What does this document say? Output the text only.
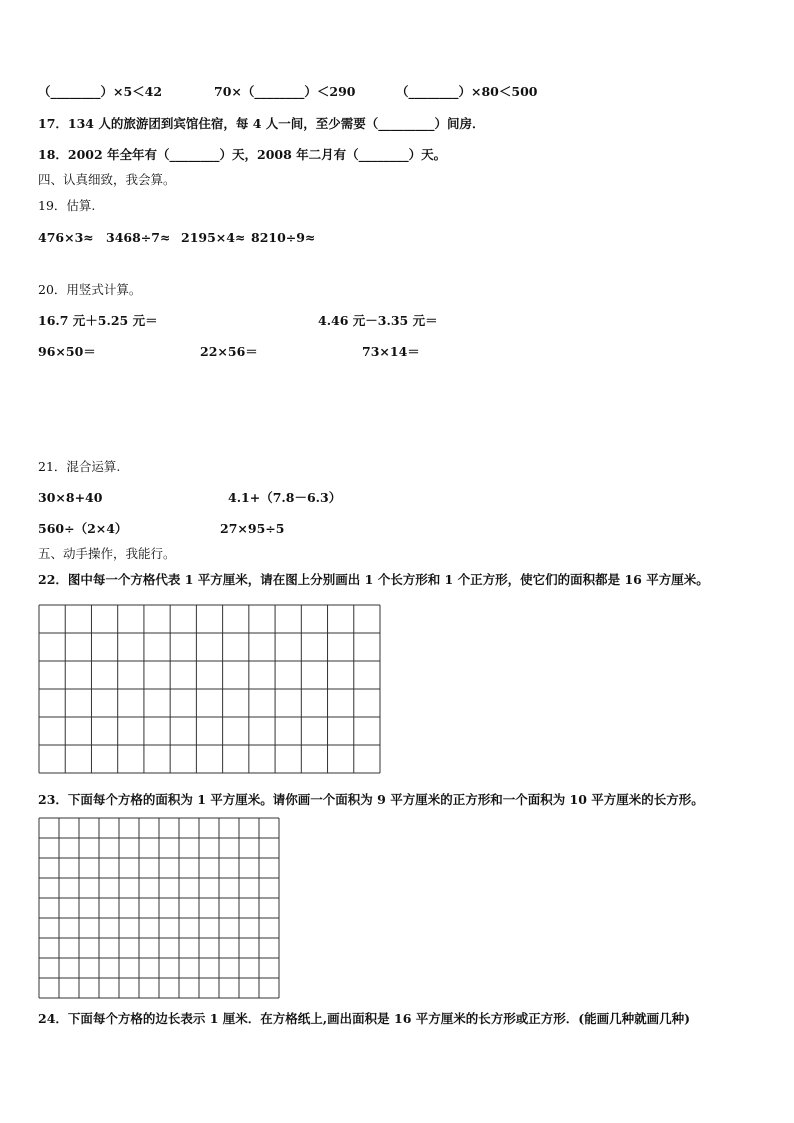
（________）×5＜42	70×（________）＜290	（________）×80＜500
17．134 人的旅游团到宾馆住宿，每 4 人一间，至少需要（_________）间房．
18．2002 年全年有（________）天，2008 年二月有（________）天。
四、认真细致，我会算。
19．估算.
476×3≈ 3468÷7≈ 2195×4≈ 8210÷9≈
20．用竖式计算。
16.7 元＋5.25 元＝	4.46 元－3.35 元＝
96×50＝	22×56＝	73×14＝
21．混合运算.
30×8+40	4.1+（7.8－6.3）
560÷（2×4）	27×95÷5
五、动手操作，我能行。
22．图中每一个方格代表 1 平方厘米，请在图上分别画出 1 个长方形和 1 个正方形，使它们的面积都是 16 平方厘米。
23．下面每个方格的面积为 1 平方厘米。请你画一个面积为 9 平方厘米的正方形和一个面积为 10 平方厘米的长方形。
24．下面每个方格的边长表示 1 厘米．在方格纸上,画出面积是 16 平方厘米的长方形或正方形．(能画几种就画几种)
